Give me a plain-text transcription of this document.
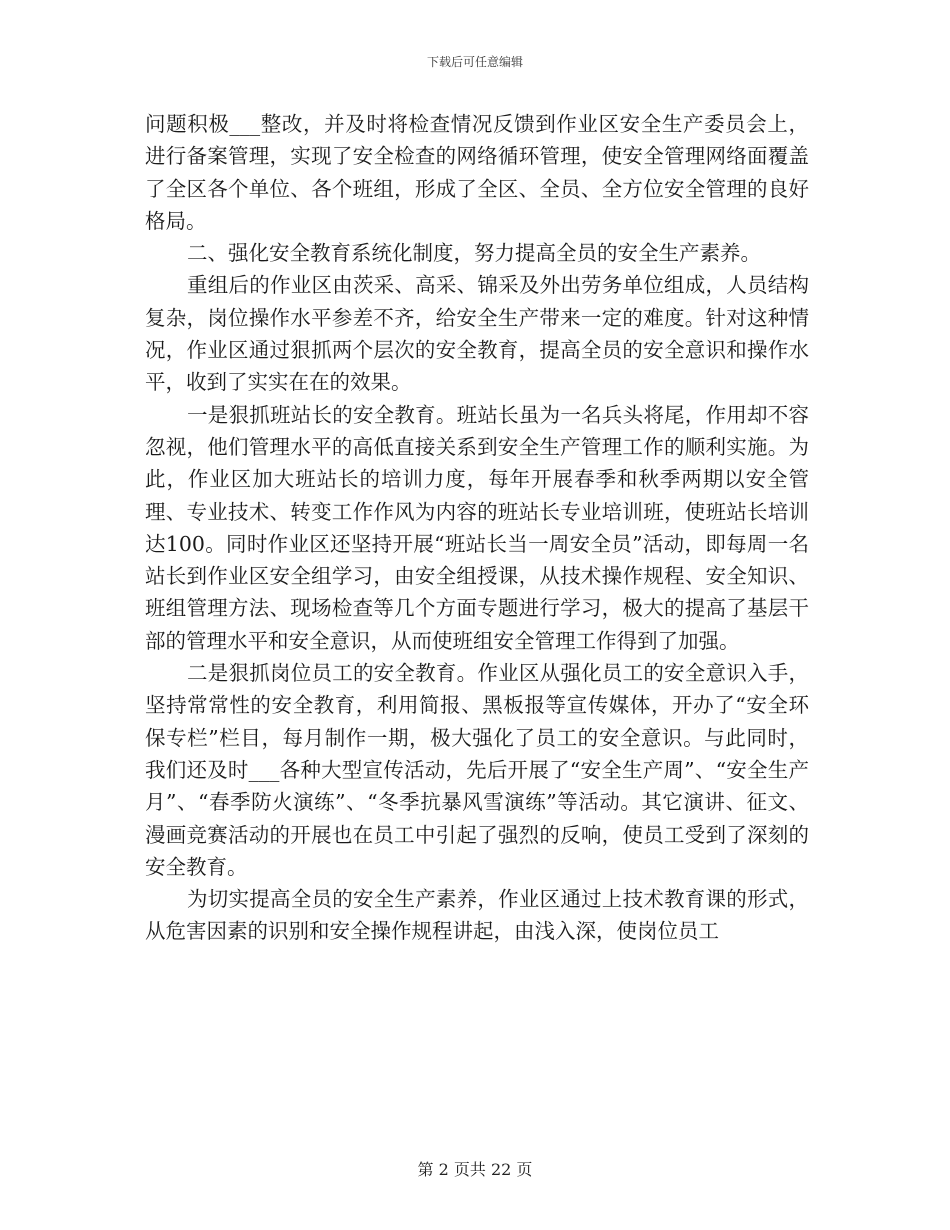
下载后可任意编辑

问题积极___整改，并及时将检查情况反馈到作业区安全生产委员会上，进行备案管理，实现了安全检查的网络循环管理，使安全管理网络面覆盖了全区各个单位、各个班组，形成了全区、全员、全方位安全管理的良好格局。

二、强化安全教育系统化制度，努力提高全员的安全生产素养。

重组后的作业区由茨采、高采、锦采及外出劳务单位组成，人员结构复杂，岗位操作水平参差不齐，给安全生产带来一定的难度。针对这种情况，作业区通过狠抓两个层次的安全教育，提高全员的安全意识和操作水平，收到了实实在在的效果。

一是狠抓班站长的安全教育。班站长虽为一名兵头将尾，作用却不容忽视，他们管理水平的高低直接关系到安全生产管理工作的顺利实施。为此，作业区加大班站长的培训力度，每年开展春季和秋季两期以安全管理、专业技术、转变工作作风为内容的班站长专业培训班，使班站长培训达100。同时作业区还坚持开展“班站长当一周安全员”活动，即每周一名站长到作业区安全组学习，由安全组授课，从技术操作规程、安全知识、班组管理方法、现场检查等几个方面专题进行学习，极大的提高了基层干部的管理水平和安全意识，从而使班组安全管理工作得到了加强。

二是狠抓岗位员工的安全教育。作业区从强化员工的安全意识入手，坚持常常性的安全教育，利用简报、黑板报等宣传媒体，开办了“安全环保专栏”栏目，每月制作一期，极大强化了员工的安全意识。与此同时，我们还及时___各种大型宣传活动，先后开展了“安全生产周”、“安全生产月”、“春季防火演练”、“冬季抗暴风雪演练”等活动。其它演讲、征文、漫画竞赛活动的开展也在员工中引起了强烈的反响，使员工受到了深刻的安全教育。

为切实提高全员的安全生产素养，作业区通过上技术教育课的形式，从危害因素的识别和安全操作规程讲起，由浅入深，使岗位员工

第 2 页共 22 页
